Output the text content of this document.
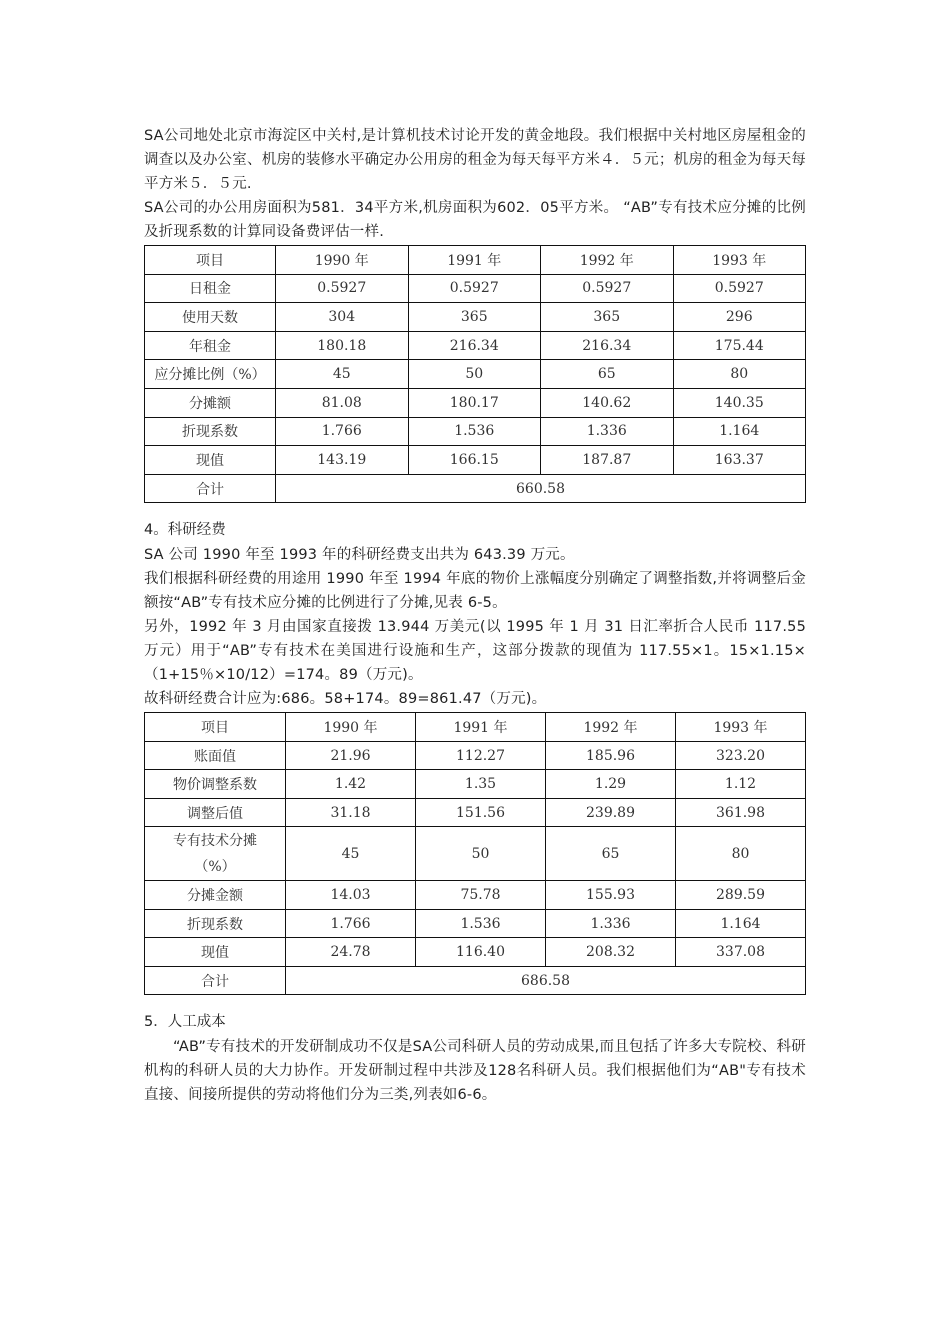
SA公司地处北京市海淀区中关村,是计算机技术讨论开发的黄金地段。我们根据中关村地区房屋租金的调查以及办公室、机房的装修水平确定办公用房的租金为每天每平方米４．５元；机房的租金为每天每平方米５．５元.

SA公司的办公用房面积为581．34平方米,机房面积为602．05平方米。 “AB”专有技术应分摊的比例及折现系数的计算同设备费评估一样.

项目	1990 年	1991 年	1992 年	1993 年
日租金	0.5927	0.5927	0.5927	0.5927
使用天数	304	365	365	296
年租金	180.18	216.34	216.34	175.44
应分摊比例（%）	45	50	65	80
分摊额	81.08	180.17	140.62	140.35
折现系数	1.766	1.536	1.336	1.164
现值	143.19	166.15	187.87	163.37
合计	660.58			

4。科研经费

SA 公司 1990 年至 1993 年的科研经费支出共为 643.39 万元。

我们根据科研经费的用途用 1990 年至 1994 年底的物价上涨幅度分别确定了调整指数,并将调整后金额按“AB”专有技术应分摊的比例进行了分摊,见表 6-5。

另外，1992 年 3 月由国家直接拨 13.944 万美元(以 1995 年 1 月 31 日汇率折合人民币 117.55 万元）用于“AB”专有技术在美国进行设施和生产，这部分拨款的现值为 117.55×1。15×1.15×（1+15％×10/12）=174。89（万元)。

故科研经费合计应为:686。58+174。89=861.47（万元)。

项目	1990 年	1991 年	1992 年	1993 年
账面值	21.96	112.27	185.96	323.20
物价调整系数	1.42	1.35	1.29	1.12
调整后值	31.18	151.56	239.89	361.98

专有技术分摊
（%）	45	50	65	80
分摊金额	14.03	75.78	155.93	289.59
折现系数	1.766	1.536	1.336	1.164
现值	24.78	116.40	208.32	337.08
合计	686.58			

5．人工成本

“AB”专有技术的开发研制成功不仅是SA公司科研人员的劳动成果,而且包括了许多大专院校、科研机构的科研人员的大力协作。开发研制过程中共涉及128名科研人员。我们根据他们为“AB"专有技术直接、间接所提供的劳动将他们分为三类,列表如6-6。
